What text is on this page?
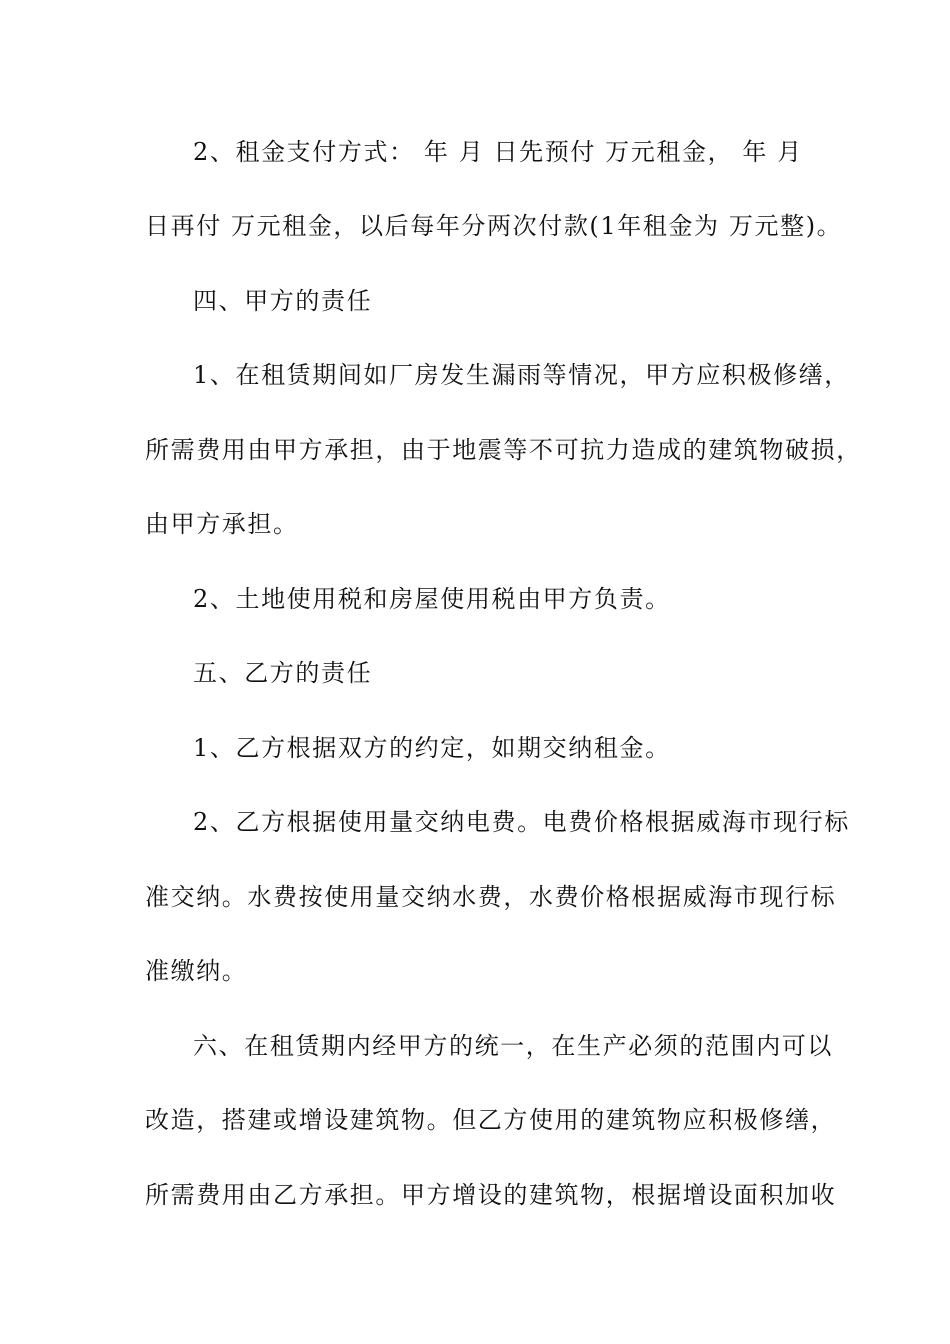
2、租金支付方式： 年 月 日先预付 万元租金， 年 月
日再付 万元租金，以后每年分两次付款(1年租金为 万元整)。
四、甲方的责任
1、在租赁期间如厂房发生漏雨等情况，甲方应积极修缮，
所需费用由甲方承担，由于地震等不可抗力造成的建筑物破损，
由甲方承担。
2、土地使用税和房屋使用税由甲方负责。
五、乙方的责任
1、乙方根据双方的约定，如期交纳租金。
2、乙方根据使用量交纳电费。电费价格根据威海市现行标
准交纳。水费按使用量交纳水费，水费价格根据威海市现行标
准缴纳。
六、在租赁期内经甲方的统一，在生产必须的范围内可以
改造，搭建或增设建筑物。但乙方使用的建筑物应积极修缮，
所需费用由乙方承担。甲方增设的建筑物，根据增设面积加收
